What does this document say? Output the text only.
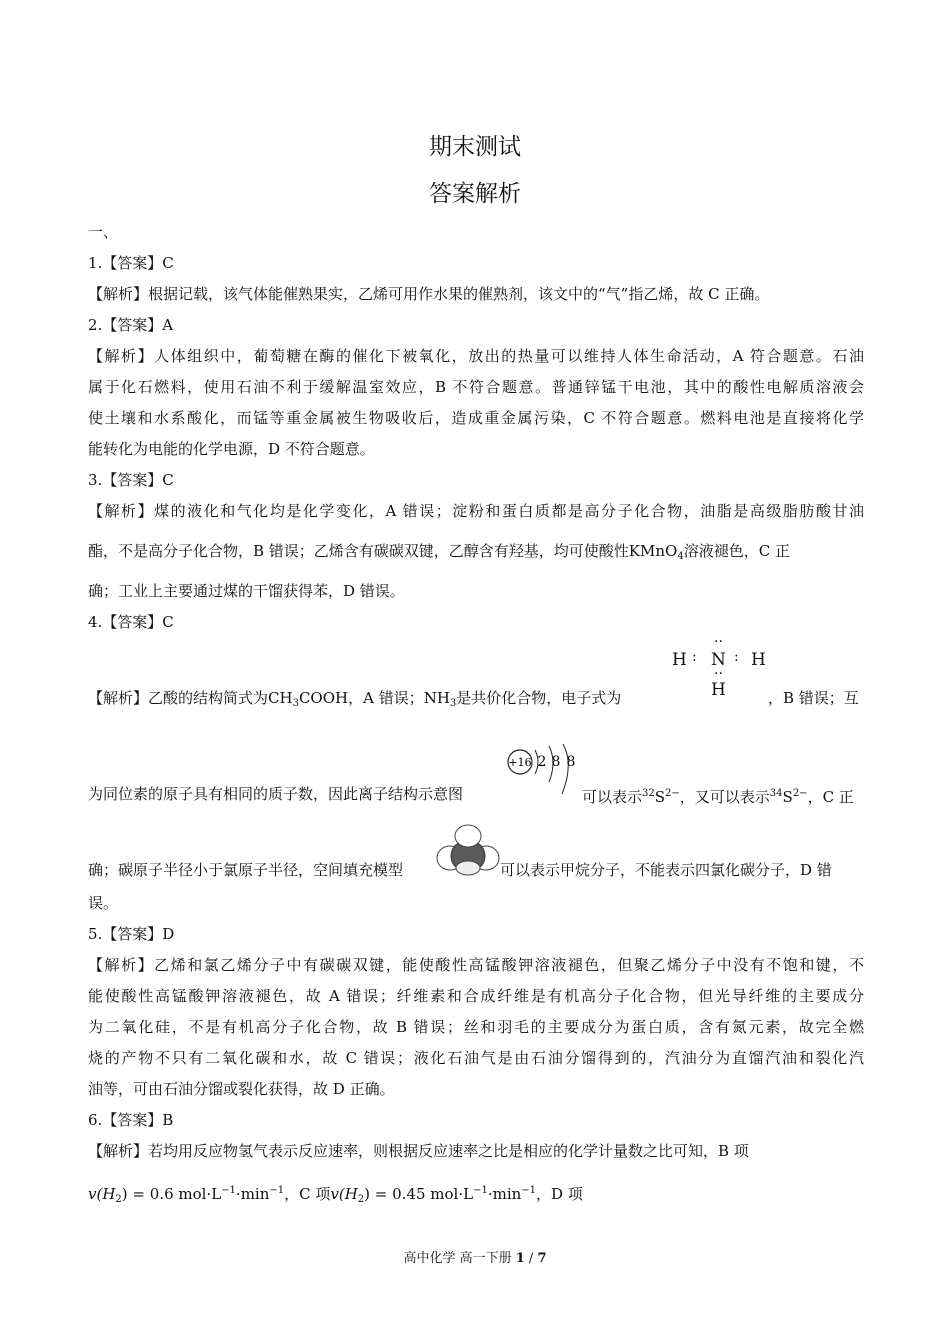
期末测试
答案解析
一、
1.【答案】C
【解析】根据记载，该气体能催熟果实，乙烯可用作水果的催熟剂，该文中的“气”指乙烯，故 C 正确。
2.【答案】A
【解析】人体组织中，葡萄糖在酶的催化下被氧化，放出的热量可以维持人体生命活动，A 符合题意。石油
属于化石燃料，使用石油不利于缓解温室效应，B 不符合题意。普通锌锰干电池，其中的酸性电解质溶液会
使土壤和水系酸化，而锰等重金属被生物吸收后，造成重金属污染，C 不符合题意。燃料电池是直接将化学
能转化为电能的化学电源，D 不符合题意。
3.【答案】C
【解析】煤的液化和气化均是化学变化，A 错误；淀粉和蛋白质都是高分子化合物，油脂是高级脂肪酸甘油
酯，不是高分子化合物，B 错误；乙烯含有碳碳双键，乙醇含有羟基，均可使酸性KMnO$_4$溶液褪色，C 正
确；工业上主要通过煤的干馏获得苯，D 错误。
4.【答案】C
H : N : H
··
··
H
【解析】乙酸的结构简式为$CH_3COOH$，A 错误；$NH_3$是共价化合物，电子式为	，B 错误；互
+16 2 8 8
为同位素的原子具有相同的质子数，因此离子结构示意图	可以表示$^{32}S^{2-}$，又可以表示$^{34}S^{2-}$，C 正
确；碳原子半径小于氯原子半径，空间填充模型	可以表示甲烷分子，不能表示四氯化碳分子，D 错
误。
5.【答案】D
【解析】乙烯和氯乙烯分子中有碳碳双键，能使酸性高锰酸钾溶液褪色，但聚乙烯分子中没有不饱和键，不
能使酸性高锰酸钾溶液褪色，故 A 错误；纤维素和合成纤维是有机高分子化合物，但光导纤维的主要成分
为二氧化硅，不是有机高分子化合物，故 B 错误；丝和羽毛的主要成分为蛋白质，含有氮元素，故完全燃
烧的产物不只有二氧化碳和水，故 C 错误；液化石油气是由石油分馏得到的，汽油分为直馏汽油和裂化汽
油等，可由石油分馏或裂化获得，故 D 正确。
6.【答案】B
【解析】若均用反应物氢气表示反应速率，则根据反应速率之比是相应的化学计量数之比可知，B 项
$v(H_2) = 0.6$ $mol\cdot L^{-1}\cdot\min^{-1}$，C 项$v(H_2) = 0.45$ $mol\cdot L^{-1}\cdot\min^{-1}$，D 项
高中化学 高一下册 1 / 7
